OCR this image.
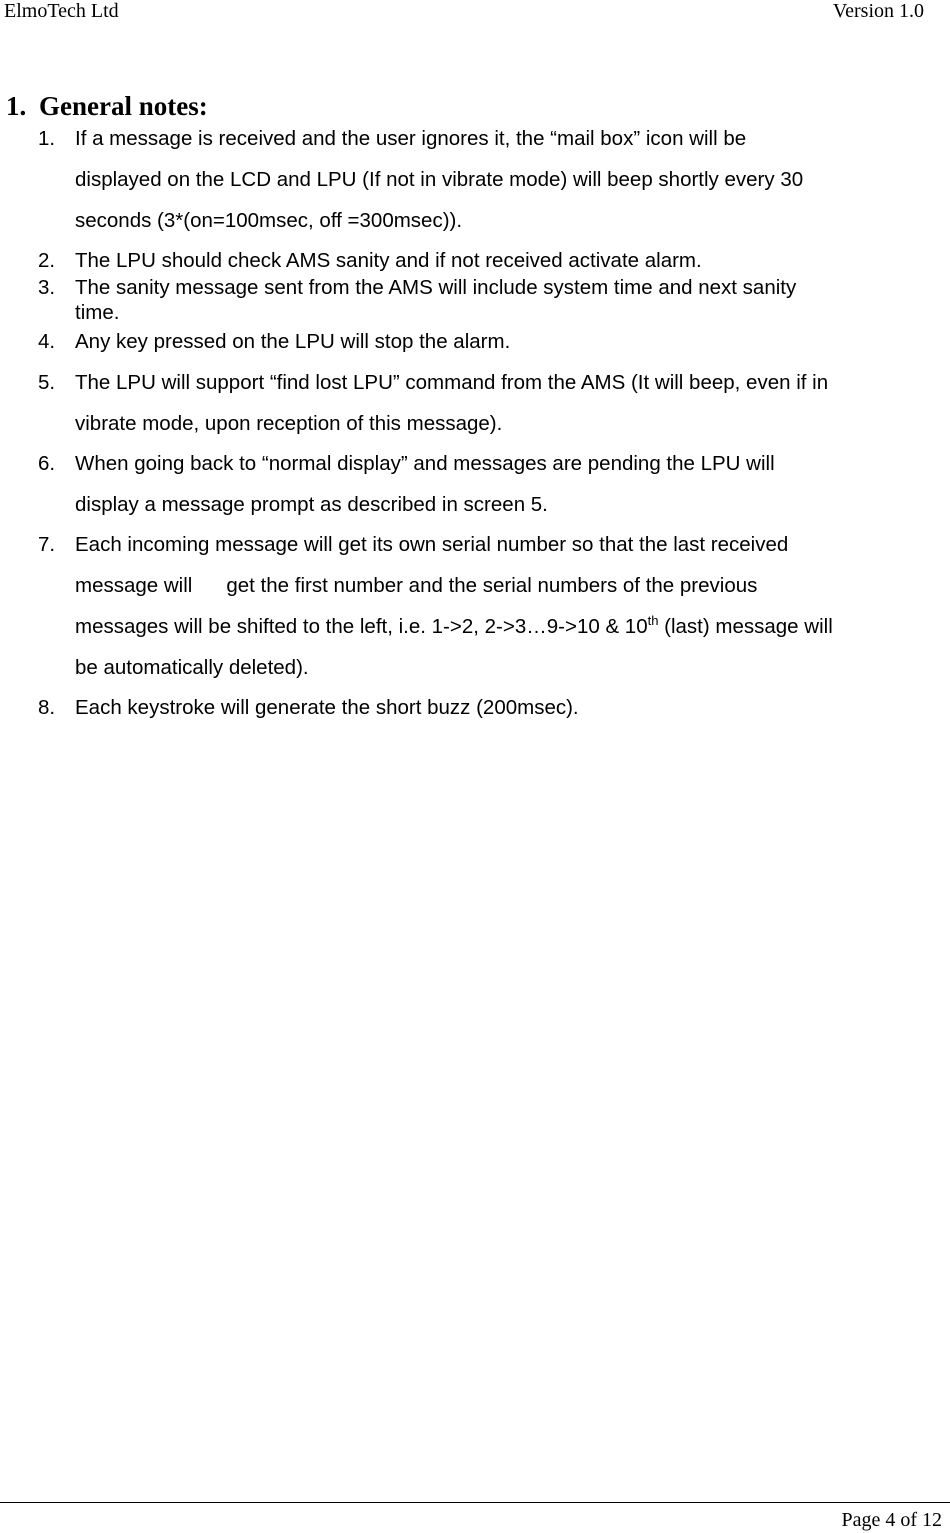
ElmoTech Ltd	Version 1.0
1. General notes:
1. If a message is received and the user ignores it, the “mail box” icon will be
displayed on the LCD and LPU (If not in vibrate mode) will beep shortly every 30
seconds (3*(on=100msec, off =300msec)).
2. The LPU should check AMS sanity and if not received activate alarm.
3. The sanity message sent from the AMS will include system time and next sanity
time.
4. Any key pressed on the LPU will stop the alarm.
5. The LPU will support “find lost LPU” command from the AMS (It will beep, even if in
vibrate mode, upon reception of this message).
6. When going back to “normal display” and messages are pending the LPU will
display a message prompt as described in screen 5.
7. Each incoming message will get its own serial number so that the last received
message will get the first number and the serial numbers of the previous
messages will be shifted to the left, i.e. 1->2, 2->3…9->10 & 10th (last) message will
be automatically deleted).
8. Each keystroke will generate the short buzz (200msec).
Page 4 of 12
